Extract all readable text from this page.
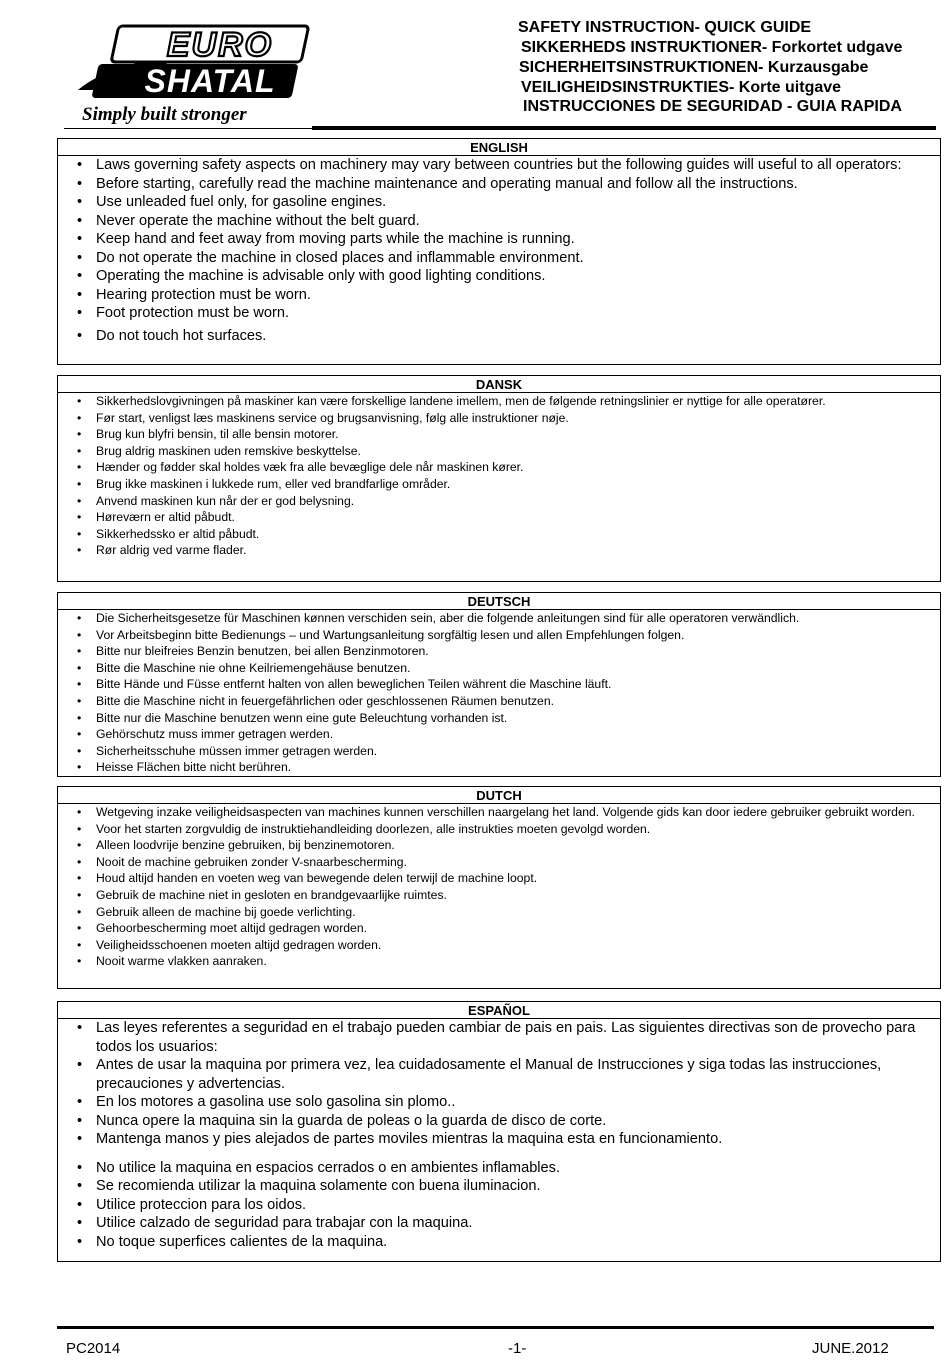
EURO
SHATAL
Simply built stronger
SAFETY INSTRUCTION- QUICK GUIDE
SIKKERHEDS INSTRUKTIONER- Forkortet udgave
SICHERHEITSINSTRUKTIONEN- Kurzausgabe
VEILIGHEIDSINSTRUKTIES- Korte uitgave
INSTRUCCIONES DE SEGURIDAD - GUIA RAPIDA
ENGLISH
• Laws governing safety aspects on machinery may vary between countries but the following guides will useful to all operators:
• Before starting, carefully read the machine maintenance and operating manual and follow all the instructions.
• Use unleaded fuel only, for gasoline engines.
• Never operate the machine without the belt guard.
• Keep hand and feet away from moving parts while the machine is running.
• Do not operate the machine in closed places and inflammable environment.
• Operating the machine is advisable only with good lighting conditions.
• Hearing protection must be worn.
• Foot protection must be worn.
• Do not touch hot surfaces.
DANSK
• Sikkerhedslovgivningen på maskiner kan være forskellige landene imellem, men de følgende retningslinier er nyttige for alle operatører.
• Før start, venligst læs maskinens service og brugsanvisning, følg alle instruktioner nøje.
• Brug kun blyfri bensin, til alle bensin motorer.
• Brug aldrig maskinen uden remskive beskyttelse.
• Hænder og fødder skal holdes væk fra alle bevæglige dele når maskinen kører.
• Brug ikke maskinen i lukkede rum, eller ved brandfarlige områder.
• Anvend maskinen kun når der er god belysning.
• Høreværn er altid påbudt.
• Sikkerhedssko er altid påbudt.
• Rør aldrig ved varme flader.
DEUTSCH
• Die Sicherheitsgesetze für Maschinen kønnen verschiden sein, aber die folgende anleitungen sind für alle operatoren verwändlich.
• Vor Arbeitsbeginn bitte Bedienungs – und Wartungsanleitung sorgfältig lesen und allen Empfehlungen folgen.
• Bitte nur bleifreies Benzin benutzen, bei allen Benzinmotoren.
• Bitte die Maschine nie ohne Keilriemengehäuse benutzen.
• Bitte Hände und Füsse entfernt halten von allen beweglichen Teilen währent die Maschine läuft.
• Bitte die Maschine nicht in feuergefährlichen oder geschlossenen Räumen benutzen.
• Bitte nur die Maschine benutzen wenn eine gute Beleuchtung vorhanden ist.
• Gehörschutz muss immer getragen werden.
• Sicherheitsschuhe müssen immer getragen werden.
• Heisse Flächen bitte nicht berühren.
DUTCH
• Wetgeving inzake veiligheidsaspecten van machines kunnen verschillen naargelang het land. Volgende gids kan door iedere gebruiker gebruikt worden.
• Voor het starten zorgvuldig de instruktiehandleiding doorlezen, alle instrukties moeten gevolgd worden.
• Alleen loodvrije benzine gebruiken, bij benzinemotoren.
• Nooit de machine gebruiken zonder V-snaarbescherming.
• Houd altijd handen en voeten weg van bewegende delen terwijl de machine loopt.
• Gebruik de machine niet in gesloten en brandgevaarlijke ruimtes.
• Gebruik alleen de machine bij goede verlichting.
• Gehoorbescherming moet altijd gedragen worden.
• Veiligheidsschoenen moeten altijd gedragen worden.
• Nooit warme vlakken aanraken.
ESPAÑOL
• Las leyes referentes a seguridad en el trabajo pueden cambiar de pais en pais. Las siguientes directivas son de provecho para todos los usuarios:
• Antes de usar la maquina por primera vez, lea cuidadosamente el Manual de Instrucciones y siga todas las instrucciones, precauciones y advertencias.
• En los motores a gasolina use solo gasolina sin plomo..
• Nunca opere la maquina sin la guarda de poleas o la guarda de disco de corte.
• Mantenga manos y pies alejados de partes moviles mientras la maquina esta en funcionamiento.
• No utilice la maquina en espacios cerrados o en ambientes inflamables.
• Se recomienda utilizar la maquina solamente con buena iluminacion.
• Utilice proteccion para los oidos.
• Utilice calzado de seguridad para trabajar con la maquina.
• No toque superfices calientes de la maquina.
PC2014	-1-	JUNE.2012
